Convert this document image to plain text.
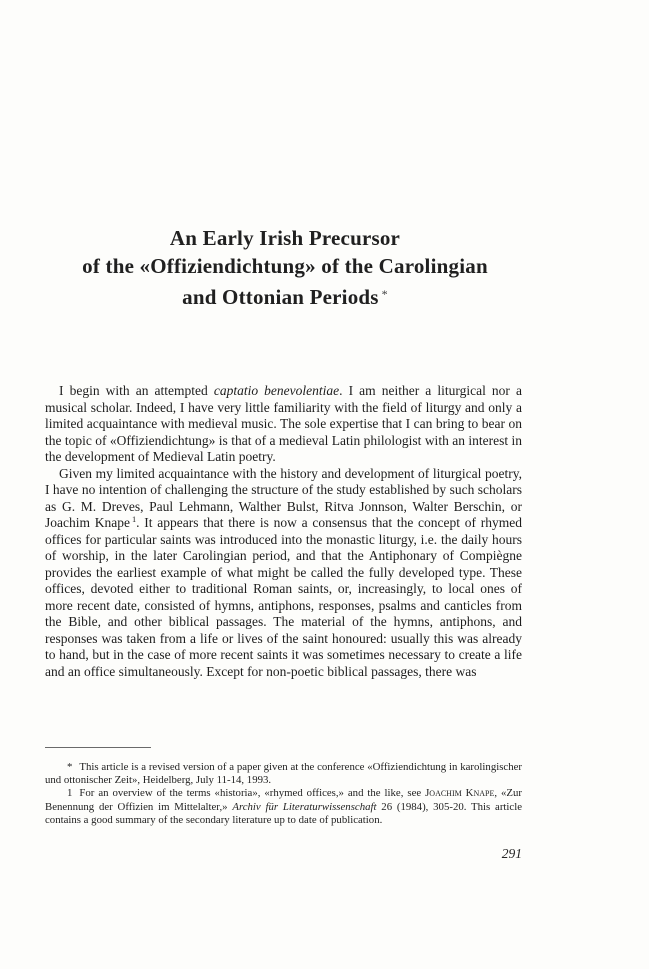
An Early Irish Precursor
of the «Offiziendichtung» of the Carolingian
and Ottonian Periods *

I begin with an attempted captatio benevolentiae. I am neither a liturgical nor a musical scholar. Indeed, I have very little familiarity with the field of liturgy and only a limited acquaintance with medieval music. The sole expertise that I can bring to bear on the topic of «Offiziendichtung» is that of a medieval Latin philologist with an interest in the development of Medieval Latin poetry.

Given my limited acquaintance with the history and development of liturgical poetry, I have no intention of challenging the structure of the study established by such scholars as G. M. Dreves, Paul Lehmann, Walther Bulst, Ritva Jonnson, Walter Berschin, or Joachim Knape $^1$. It appears that there is now a consensus that the concept of rhymed offices for particular saints was introduced into the monastic liturgy, i.e. the daily hours of worship, in the later Carolingian period, and that the Antiphonary of Compiègne provides the earliest example of what might be called the fully developed type. These offices, devoted either to traditional Roman saints, or, increasingly, to local ones of more recent date, consisted of hymns, antiphons, responses, psalms and canticles from the Bible, and other biblical passages. The material of the hymns, antiphons, and responses was taken from a life or lives of the saint honoured: usually this was already to hand, but in the case of more recent saints it was sometimes necessary to create a life and an office simultaneously. Except for non-poetic biblical passages, there was

* This article is a revised version of a paper given at the conference «Offiziendichtung in karolingischer und ottonischer Zeit», Heidelberg, July 11-14, 1993.

1 For an overview of the terms «historia», «rhymed offices,» and the like, see Joachim Knape, «Zur Benennung der Offizien im Mittelalter,» Archiv für Literaturwissenschaft 26 (1984), 305-20. This article contains a good summary of the secondary literature up to date of publication.

291
